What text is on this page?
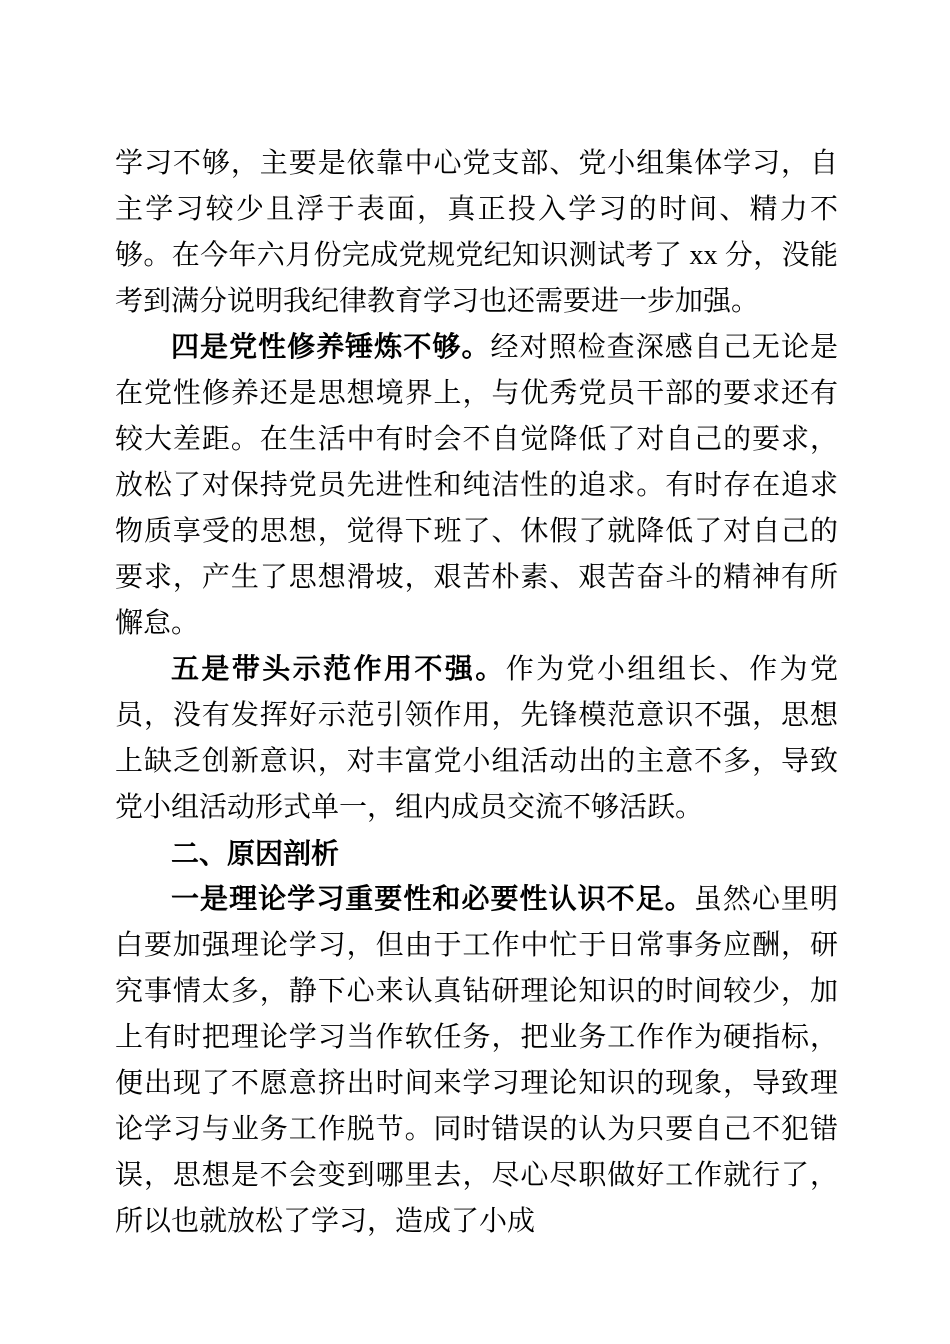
学习不够，主要是依靠中心党支部、党小组集体学习，自主学习较少且浮于表面，真正投入学习的时间、精力不够。在今年六月份完成党规党纪知识测试考了 xx 分，没能考到满分说明我纪律教育学习也还需要进一步加强。

四是党性修养锤炼不够。经对照检查深感自己无论是在党性修养还是思想境界上，与优秀党员干部的要求还有较大差距。在生活中有时会不自觉降低了对自己的要求，放松了对保持党员先进性和纯洁性的追求。有时存在追求物质享受的思想，觉得下班了、休假了就降低了对自己的要求，产生了思想滑坡，艰苦朴素、艰苦奋斗的精神有所懈怠。

五是带头示范作用不强。作为党小组组长、作为党员，没有发挥好示范引领作用，先锋模范意识不强，思想上缺乏创新意识，对丰富党小组活动出的主意不多，导致党小组活动形式单一，组内成员交流不够活跃。

二、原因剖析

一是理论学习重要性和必要性认识不足。虽然心里明白要加强理论学习，但由于工作中忙于日常事务应酬，研究事情太多，静下心来认真钻研理论知识的时间较少，加上有时把理论学习当作软任务，把业务工作作为硬指标，便出现了不愿意挤出时间来学习理论知识的现象，导致理论学习与业务工作脱节。同时错误的认为只要自己不犯错误，思想是不会变到哪里去，尽心尽职做好工作就行了，所以也就放松了学习，造成了小成
